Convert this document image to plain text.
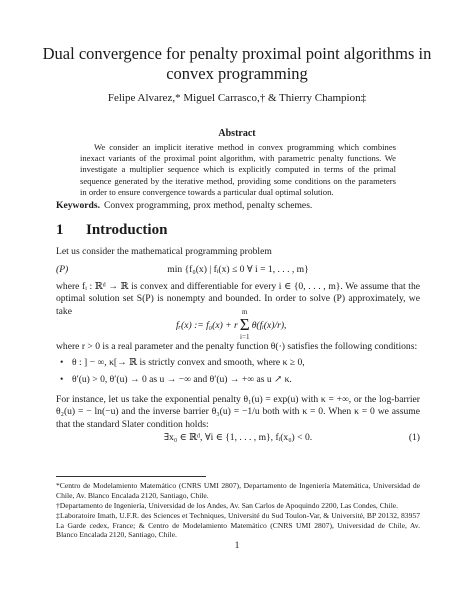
Dual convergence for penalty proximal point algorithms in convex programming
Felipe Alvarez,* Miguel Carrasco,† & Thierry Champion‡
Abstract

We consider an implicit iterative method in convex programming which combines inexact variants of the proximal point algorithm, with parametric penalty functions. We investigate a multiplier sequence which is explicitly computed in terms of the primal sequence generated by the iterative method, providing some conditions on the parameters in order to ensure convergence towards a particular dual optimal solution.

Keywords. Convex programming, prox method, penalty schemes.
1 Introduction

Let us consider the mathematical programming problem

(P)	min {f₀(x) | fᵢ(x) ≤ 0 ∀ i = 1, . . . , m}

where fᵢ : ℝᵈ → ℝ is convex and differentiable for every i ∈ {0, . . . , m}. We assume that the optimal solution set S(P) is nonempty and bounded. In order to solve (P) approximately, we take

fᵣ(x) := f₀(x) + r
m
Σ
i=1
θ(fᵢ(x)/r),

where r > 0 is a real parameter and the penalty function θ(·) satisfies the following conditions:

• θ : ] − ∞, κ[→ ℝ is strictly convex and smooth, where κ ≥ 0,
• θ′(u) > 0, θ′(u) → 0 as u → −∞ and θ′(u) → +∞ as u ↗ κ.

For instance, let us take the exponential penalty θ₁(u) = exp(u) with κ = +∞, or the log-barrier θ₂(u) = − ln(−u) and the inverse barrier θ₃(u) = −1/u both with κ = 0. When κ = 0 we assume that the standard Slater condition holds:

∃x₀ ∈ ℝᵈ, ∀i ∈ {1, . . . , m}, fᵢ(x₀) < 0.	(1)

*Centro de Modelamiento Matemático (CNRS UMI 2807), Departamento de Ingeniería Matemática, Universidad de Chile, Av. Blanco Encalada 2120, Santiago, Chile.

†Departamento de Ingeniería, Universidad de los Andes, Av. San Carlos de Apoquindo 2200, Las Condes, Chile.

‡Laboratoire Imath, U.F.R. des Sciences et Techniques, Université du Sud Toulon-Var, & Université, BP 20132, 83957 La Garde cedex, France; & Centro de Modelamiento Matemático (CNRS UMI 2807), Universidad de Chile, Av. Blanco Encalada 2120, Santiago, Chile.

1
